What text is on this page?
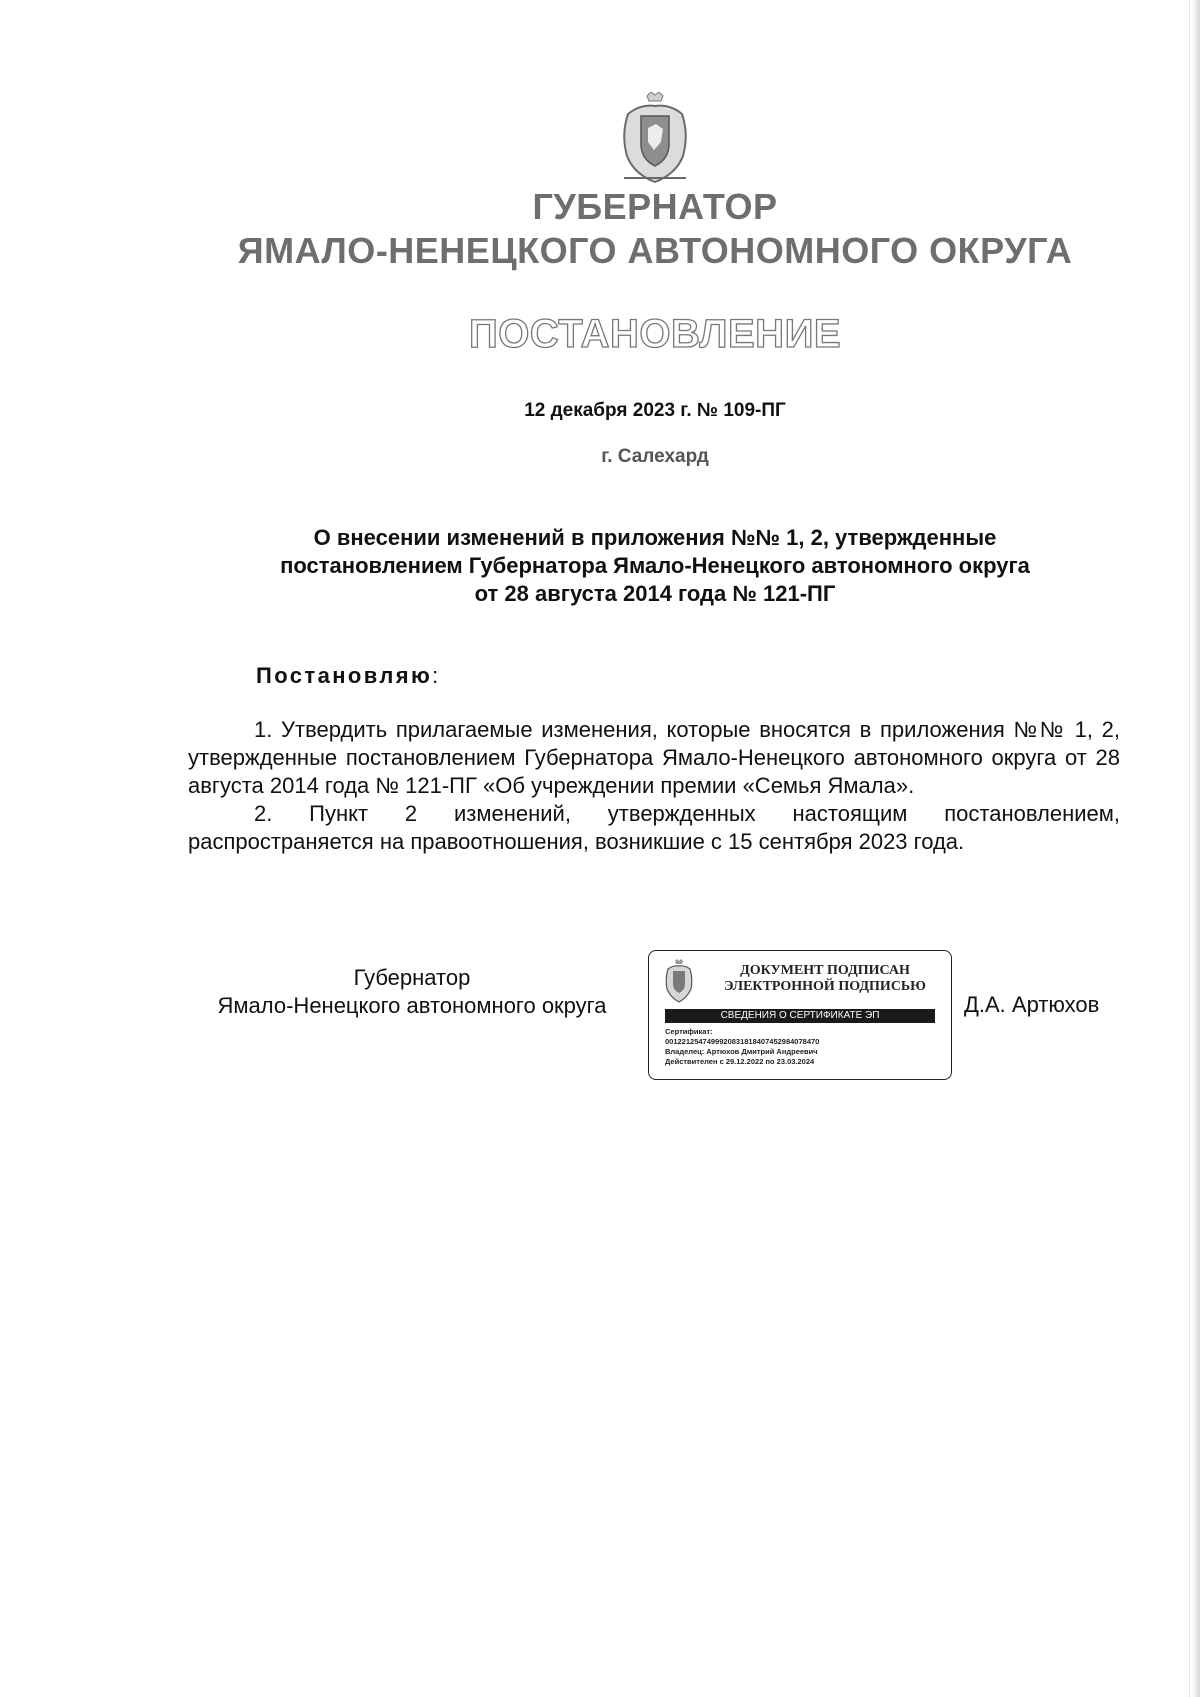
ГУБЕРНАТОР
ЯМАЛО-НЕНЕЦКОГО АВТОНОМНОГО ОКРУГА
ПОСТАНОВЛЕНИЕ
12 декабря 2023 г. № 109-ПГ
г. Салехард
О внесении изменений в приложения №№ 1, 2, утвержденные
постановлением Губернатора Ямало-Ненецкого автономного округа
от 28 августа 2014 года № 121-ПГ
Постановляю:

1. Утвердить прилагаемые изменения, которые вносятся в приложения №№ 1, 2, утвержденные постановлением Губернатора Ямало-Ненецкого автономного округа от 28 августа 2014 года № 121-ПГ «Об учреждении премии «Семья Ямала».

2. Пункт 2 изменений, утвержденных настоящим постановлением, распространяется на правоотношения, возникшие с 15 сентября 2023 года.

Губернатор
Ямало-Ненецкого автономного округа
ДОКУМЕНТ ПОДПИСАН
ЭЛЕКТРОННОЙ ПОДПИСЬЮ
СВЕДЕНИЯ О СЕРТИФИКАТЕ ЭП
Сертификат:
0012212547499920831818407452984078470
Владелец: Артюхов Дмитрий Андреевич
Действителен с 29.12.2022 по 23.03.2024
Д.А. Артюхов
